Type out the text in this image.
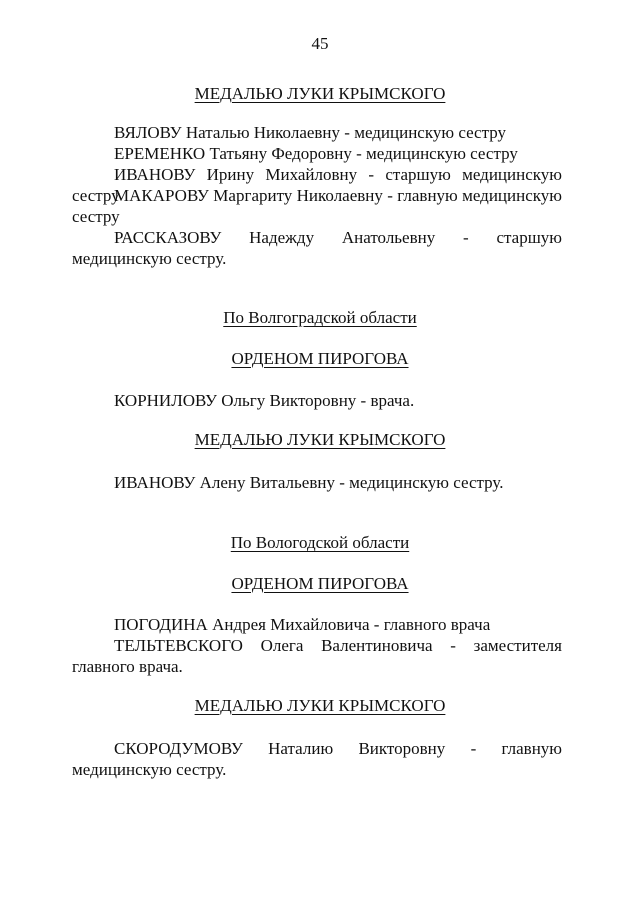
45
МЕДАЛЬЮ ЛУКИ КРЫМСКОГО
ВЯЛОВУ Наталью Николаевну - медицинскую сестру
ЕРЕМЕНКО Татьяну Федоровну - медицинскую сестру
ИВАНОВУ Ирину Михайловну - старшую медицинскую сестру
МАКАРОВУ Маргариту Николаевну - главную медицинскую сестру
РАССКАЗОВУ Надежду Анатольевну - старшую медицинскую сестру.
По Волгоградской области
ОРДЕНОМ ПИРОГОВА
КОРНИЛОВУ Ольгу Викторовну - врача.
МЕДАЛЬЮ ЛУКИ КРЫМСКОГО
ИВАНОВУ Алену Витальевну - медицинскую сестру.
По Вологодской области
ОРДЕНОМ ПИРОГОВА
ПОГОДИНА Андрея Михайловича - главного врача
ТЕЛЬТЕВСКОГО Олега Валентиновича - заместителя главного врача.
МЕДАЛЬЮ ЛУКИ КРЫМСКОГО
СКОРОДУМОВУ Наталию Викторовну - главную медицинскую сестру.
